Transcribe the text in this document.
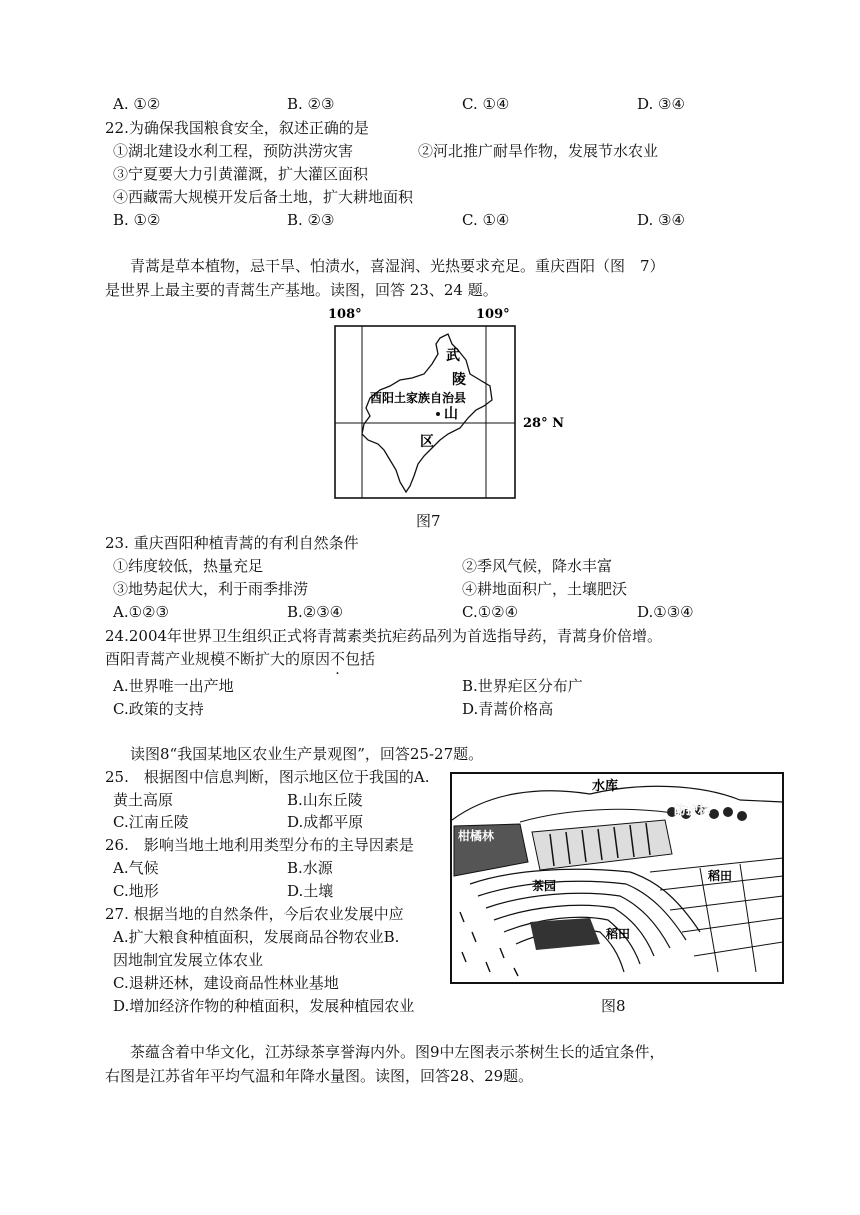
A. ①②	B. ②③	C. ①④	D. ③④
22.为确保我国粮食安全，叙述正确的是
①湖北建设水利工程，预防洪涝灾害	②河北推广耐旱作物，发展节水农业
③宁夏要大力引黄灌溉，扩大灌区面积
④西藏需大规模开发后备土地，扩大耕地面积
B. ①②	B. ②③	C. ①④	D. ③④
青蒿是草本植物，忌干旱、怕渍水，喜湿润、光热要求充足。重庆酉阳（图　7）
是世界上最主要的青蒿生产基地。读图，回答 23、24 题。
108°	109°
28° N
武
陵
酉阳土家族自治县
山
区
图7
23. 重庆酉阳种植青蒿的有利自然条件
①纬度较低，热量充足	②季风气候，降水丰富
③地势起伏大，利于雨季排涝	④耕地面积广，土壤肥沃
A.①②③	B.②③④	C.①②④	D.①③④
24.2004年世界卫生组织正式将青蒿素类抗疟药品列为首选指导药，青蒿身价倍增。
酉阳青蒿产业规模不断扩大的原因不包括
A.世界唯一出产地	B.世界疟区分布广
C.政策的支持	D.青蒿价格高
读图8“我国某地区农业生产景观图”，回答25-27题。
25.　根据图中信息判断，图示地区位于我国的A.
黄土高原	B.山东丘陵
C.江南丘陵	D.成都平原
26.　影响当地土地利用类型分布的主导因素是
A.气候	B.水源
C.地形	D.土壤
27. 根据当地的自然条件，今后农业发展中应
A.扩大粮食种植面积，发展商品谷物农业B.
因地制宜发展立体农业
C.退耕还林，建设商品性林业基地
D.增加经济作物的种植面积，发展种植园农业
水库
防护林
柑橘林
茶园
稻田
稻田
图8
茶蕴含着中华文化，江苏绿茶享誉海内外。图9中左图表示茶树生长的适宜条件，
右图是江苏省年平均气温和年降水量图。读图，回答28、29题。
